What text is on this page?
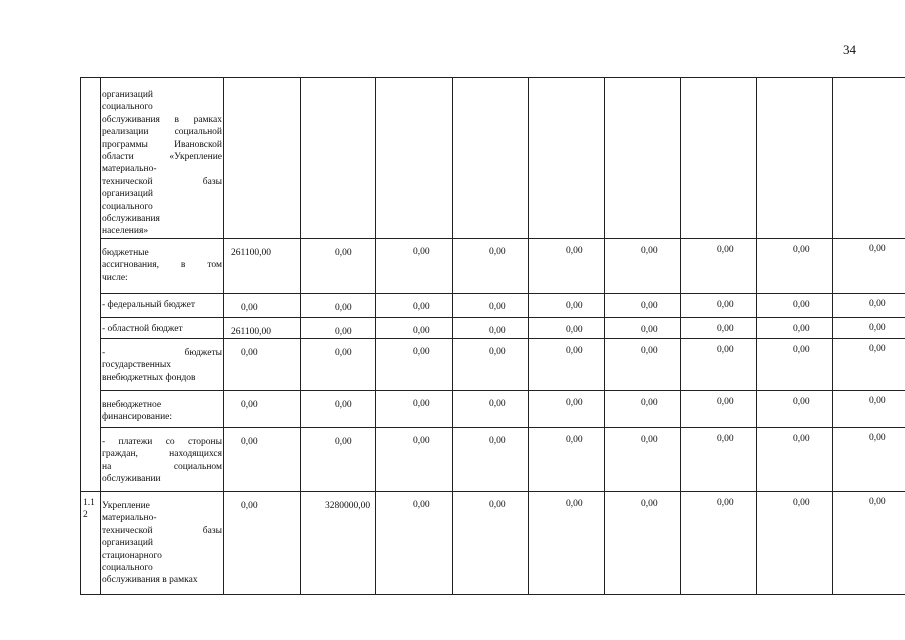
34
организаций
социального
обслуживания в рамках
реализации социальной
программы Ивановской
области «Укрепление
материально-
технической базы
организаций
социального
обслуживания
населения»
бюджетные
ассигнования, в том
числе:
261100,00	0,00	0,00	0,00	0,00	0,00	0,00	0,00	0,00
- федеральный бюджет	0,00	0,00	0,00	0,00	0,00	0,00	0,00	0,00	0,00
- областной бюджет	261100,00	0,00	0,00	0,00	0,00	0,00	0,00	0,00	0,00
- бюджеты
государственных
внебюджетных фондов
0,00	0,00	0,00	0,00	0,00	0,00	0,00	0,00	0,00
внебюджетное
финансирование:
0,00	0,00	0,00	0,00	0,00	0,00	0,00	0,00	0,00
- платежи со стороны
граждан, находящихся
на социальном
обслуживании
0,00	0,00	0,00	0,00	0,00	0,00	0,00	0,00	0,00
1.1
2
Укрепление
материально-
технической базы
организаций
стационарного
социального
обслуживания в рамках
0,00	3280000,00	0,00	0,00	0,00	0,00	0,00	0,00	0,00
